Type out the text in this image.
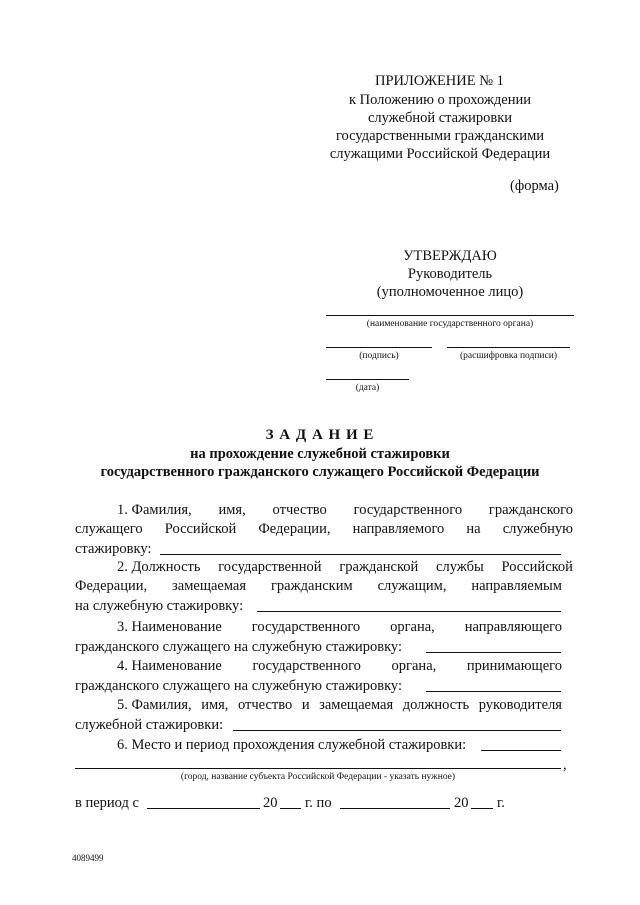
ПРИЛОЖЕНИЕ № 1
к Положению о прохождении
служебной стажировки
государственными гражданскими
служащими Российской Федерации
(форма)
УТВЕРЖДАЮ
Руководитель
(уполномоченное лицо)
(наименование государственного органа)
(подпись)	(расшифровка подписи)
(дата)
З А Д А Н И Е
на прохождение служебной стажировки
государственного гражданского служащего Российской Федерации
1. Фамилия, имя, отчество государственного гражданского
служащего Российской Федерации, направляемого на служебную
стажировку:
2. Должность государственной гражданской службы Российской
Федерации, замещаемая гражданским служащим, направляемым
на служебную стажировку:
3. Наименование государственного органа, направляющего
гражданского служащего на служебную стажировку:
4. Наименование государственного органа, принимающего
гражданского служащего на служебную стажировку:
5. Фамилия, имя, отчество и замещаемая должность руководителя
служебной стажировки:
6. Место и период прохождения служебной стажировки:
,
(город, название субъекта Российской Федерации - указать нужное)
в период с	20 г. по	20 г.
4089499
